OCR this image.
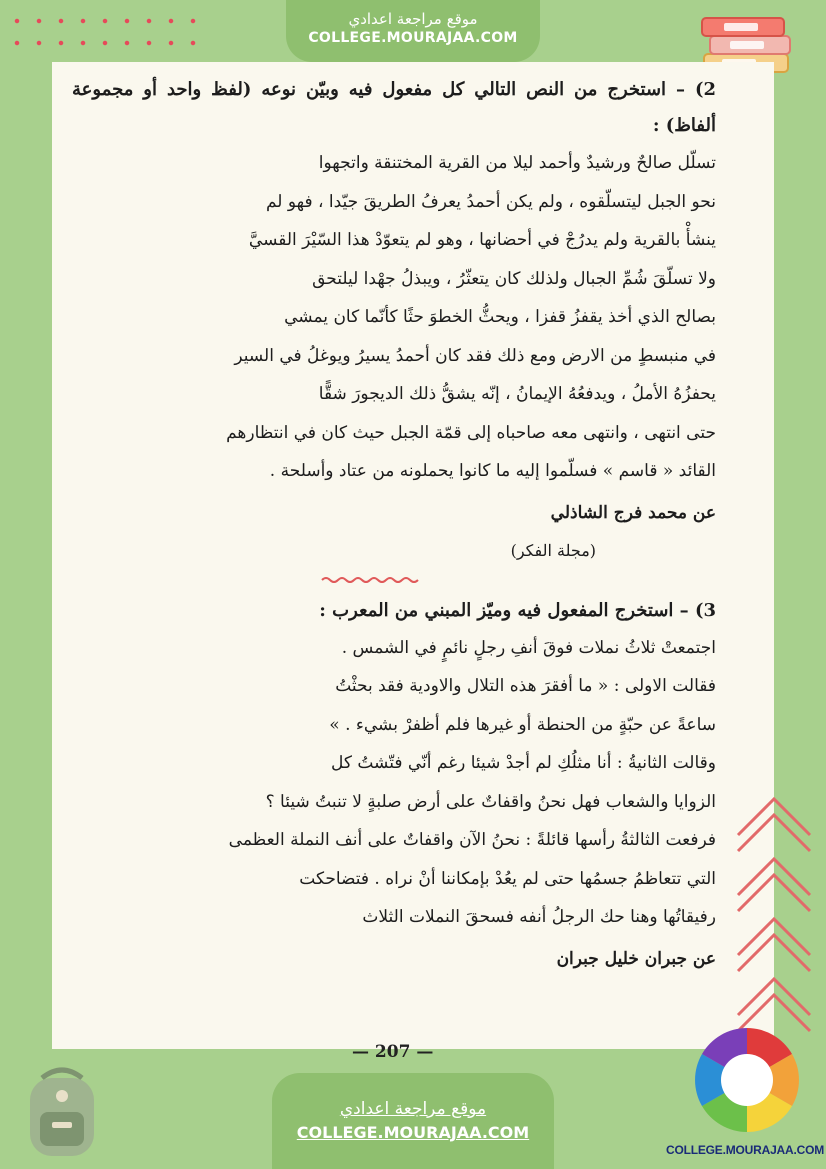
موقع مراجعة اعدادي
COLLEGE.MOURAJAA.COM
2) – استخرج من النص التالي كل مفعول فيه وبيّن نوعه (لفظ واحد أو مجموعة ألفاظ) :
تسلّل صالحٌ ورشيدٌ وأحمد ليلا من القرية المختنقة واتجهوا
نحو الجبل ليتسلّقوه ، ولم يكن أحمدُ يعرفُ الطريقَ جيّدا ، فهو لم
ينشأْ بالقرية ولم يدرُجْ في أحضانها ، وهو لم يتعوّدْ هذا السّيْرَ القسيَّ
ولا تسلّقَ شُمِّ الجبال ولذلك كان يتعثّرُ ، ويبذلُ جهْدا ليلتحق
بصالح الذي أخذ يقفزُ قفزا ، ويحثُّ الخطوَ حثًا كأنّما كان يمشي
في منبسطٍ من الارض ومع ذلك فقد كان أحمدُ يسيرُ ويوغلُ في السير
يحفزُهُ الأملُ ، ويدفعُهُ الإيمانُ ، إنّه يشقُّ ذلك الديجورَ شقًّا
حتى انتهى ، وانتهى معه صاحباه إلى قمّة الجبل حيث كان في انتظارهم
القائد « قاسم » فسلّموا إليه ما كانوا يحملونه من عتاد وأسلحة .
عن محمد فرج الشاذلي
(مجلة الفكر)
3) – استخرج المفعول فيه وميّز المبني من المعرب :
اجتمعتْ ثلاثُ نملات فوقَ أنفِ رجلٍ نائمٍ في الشمس .
فقالت الاولى : « ما أفقرَ هذه التلال والاودية فقد بحثْتُ
ساعةً عن حبّةٍ من الحنطة أو غيرها فلم أظفرْ بشيء . »
وقالت الثانيةُ : أنا مثلُكِ لم أجدْ شيئا رغم أنّي فتّشتُ كل
الزوايا والشعاب فهل نحنُ واقفاتٌ على أرض صلبةٍ لا تنبتُ شيئا ؟
فرفعت الثالثةُ رأسها قائلةً : نحنُ الآن واقفاتٌ على أنف النملة العظمى
التي تتعاظمُ جسمُها حتى لم يعُدْ بإمكاننا أنْ نراه . فتضاحكت
رفيقاتُها وهنا حك الرجلُ أنفه فسحقَ النملات الثلاث
عن جبران خليل جبران
— 207 —
COLLEGE.MOURAJAA.COM
موقع مراجعة اعدادي
COLLEGE.MOURAJAA.COM
